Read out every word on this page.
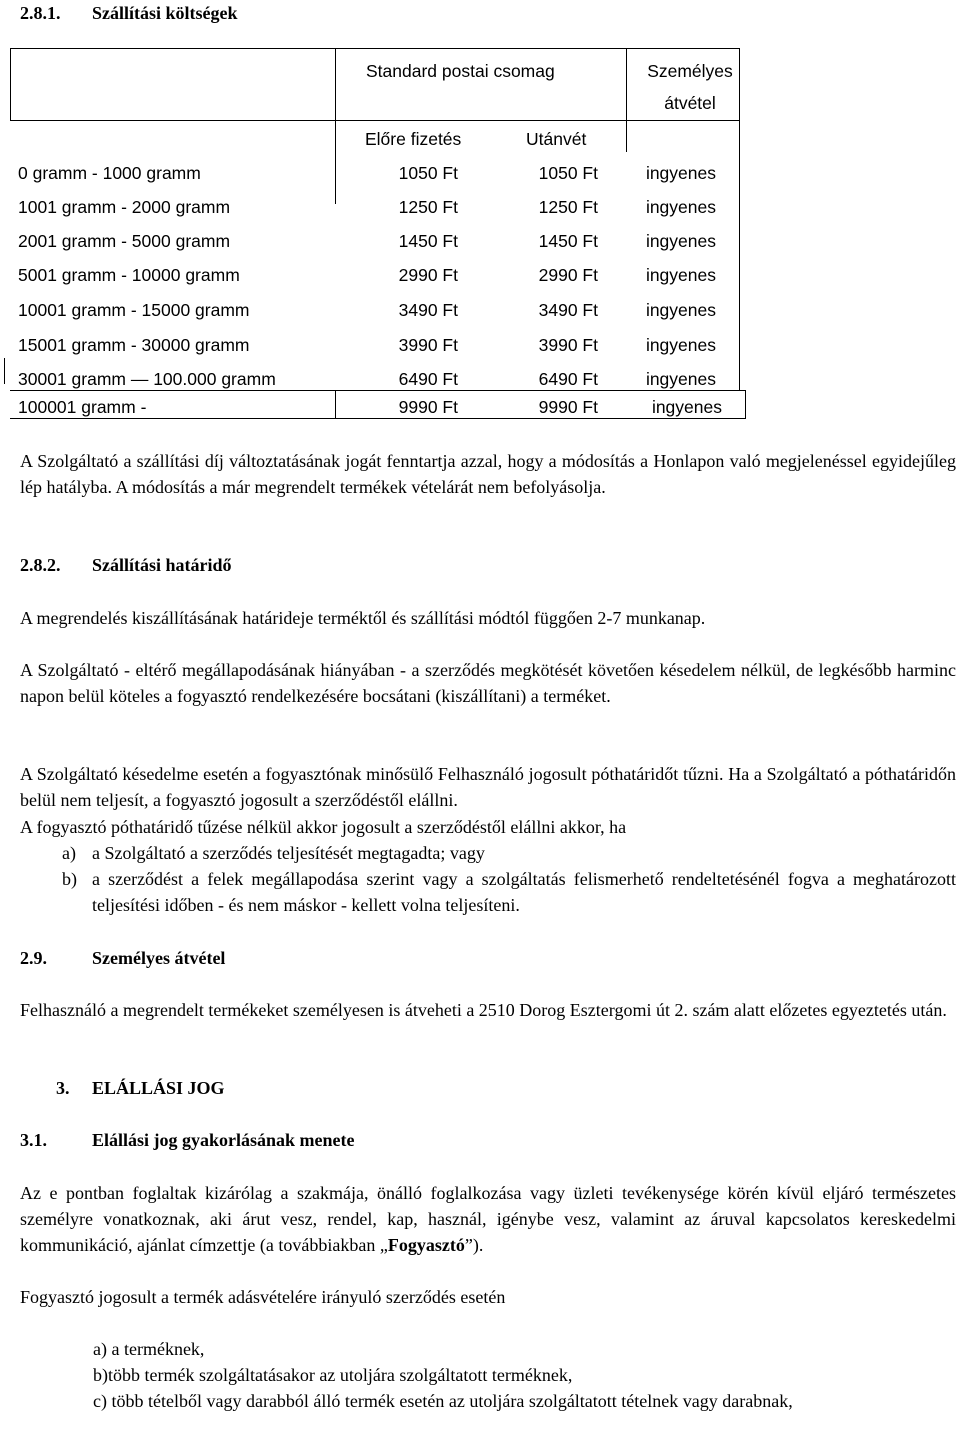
2.8.1. Szállítási költségek
Standard postai csomag	Személyes
átvétel
Előre fizetés	Utánvét
0 gramm - 1000 gramm	1050 Ft	1050 Ft	ingyenes
1001 gramm - 2000 gramm	1250 Ft	1250 Ft	ingyenes
2001 gramm - 5000 gramm	1450 Ft	1450 Ft	ingyenes
5001 gramm - 10000 gramm	2990 Ft	2990 Ft	ingyenes
10001 gramm - 15000 gramm	3490 Ft	3490 Ft	ingyenes
15001 gramm - 30000 gramm	3990 Ft	3990 Ft	ingyenes
30001 gramm — 100.000 gramm	6490 Ft	6490 Ft	ingyenes
100001 gramm -	9990 Ft	9990 Ft	ingyenes

A Szolgáltató a szállítási díj változtatásának jogát fenntartja azzal, hogy a módosítás a Honlapon való megjelenéssel egyidejűleg lép hatályba. A módosítás a már megrendelt termékek vételárát nem befolyásolja.

2.8.2. Szállítási határidő

A megrendelés kiszállításának határideje terméktől és szállítási módtól függően 2-7 munkanap.

A Szolgáltató - eltérő megállapodásának hiányában - a szerződés megkötését követően késedelem nélkül, de legkésőbb harminc napon belül köteles a fogyasztó rendelkezésére bocsátani (kiszállítani) a terméket.

A Szolgáltató késedelme esetén a fogyasztónak minősülő Felhasználó jogosult póthatáridőt tűzni. Ha a Szolgáltató a póthatáridőn belül nem teljesít, a fogyasztó jogosult a szerződéstől elállni.

A fogyasztó póthatáridő tűzése nélkül akkor jogosult a szerződéstől elállni akkor, ha

a) a Szolgáltató a szerződés teljesítését megtagadta; vagy
b) a szerződést a felek megállapodása szerint vagy a szolgáltatás felismerhető rendeltetésénél fogva a meghatározott teljesítési időben - és nem máskor - kellett volna teljesíteni.
2.9.	Személyes átvétel

Felhasználó a megrendelt termékeket személyesen is átveheti a 2510 Dorog Esztergomi út 2. szám alatt előzetes egyeztetés után.

3. ELÁLLÁSI JOG
3.1.	Elállási jog gyakorlásának menete

Az e pontban foglaltak kizárólag a szakmája, önálló foglalkozása vagy üzleti tevékenysége körén kívül eljáró természetes személyre vonatkoznak, aki árut vesz, rendel, kap, használ, igénybe vesz, valamint az áruval kapcsolatos kereskedelmi kommunikáció, ajánlat címzettje (a továbbiakban „Fogyasztó”).

Fogyasztó jogosult a termék adásvételére irányuló szerződés esetén

a) a terméknek,
b)több termék szolgáltatásakor az utoljára szolgáltatott terméknek,
c) több tételből vagy darabból álló termék esetén az utoljára szolgáltatott tételnek vagy darabnak,
